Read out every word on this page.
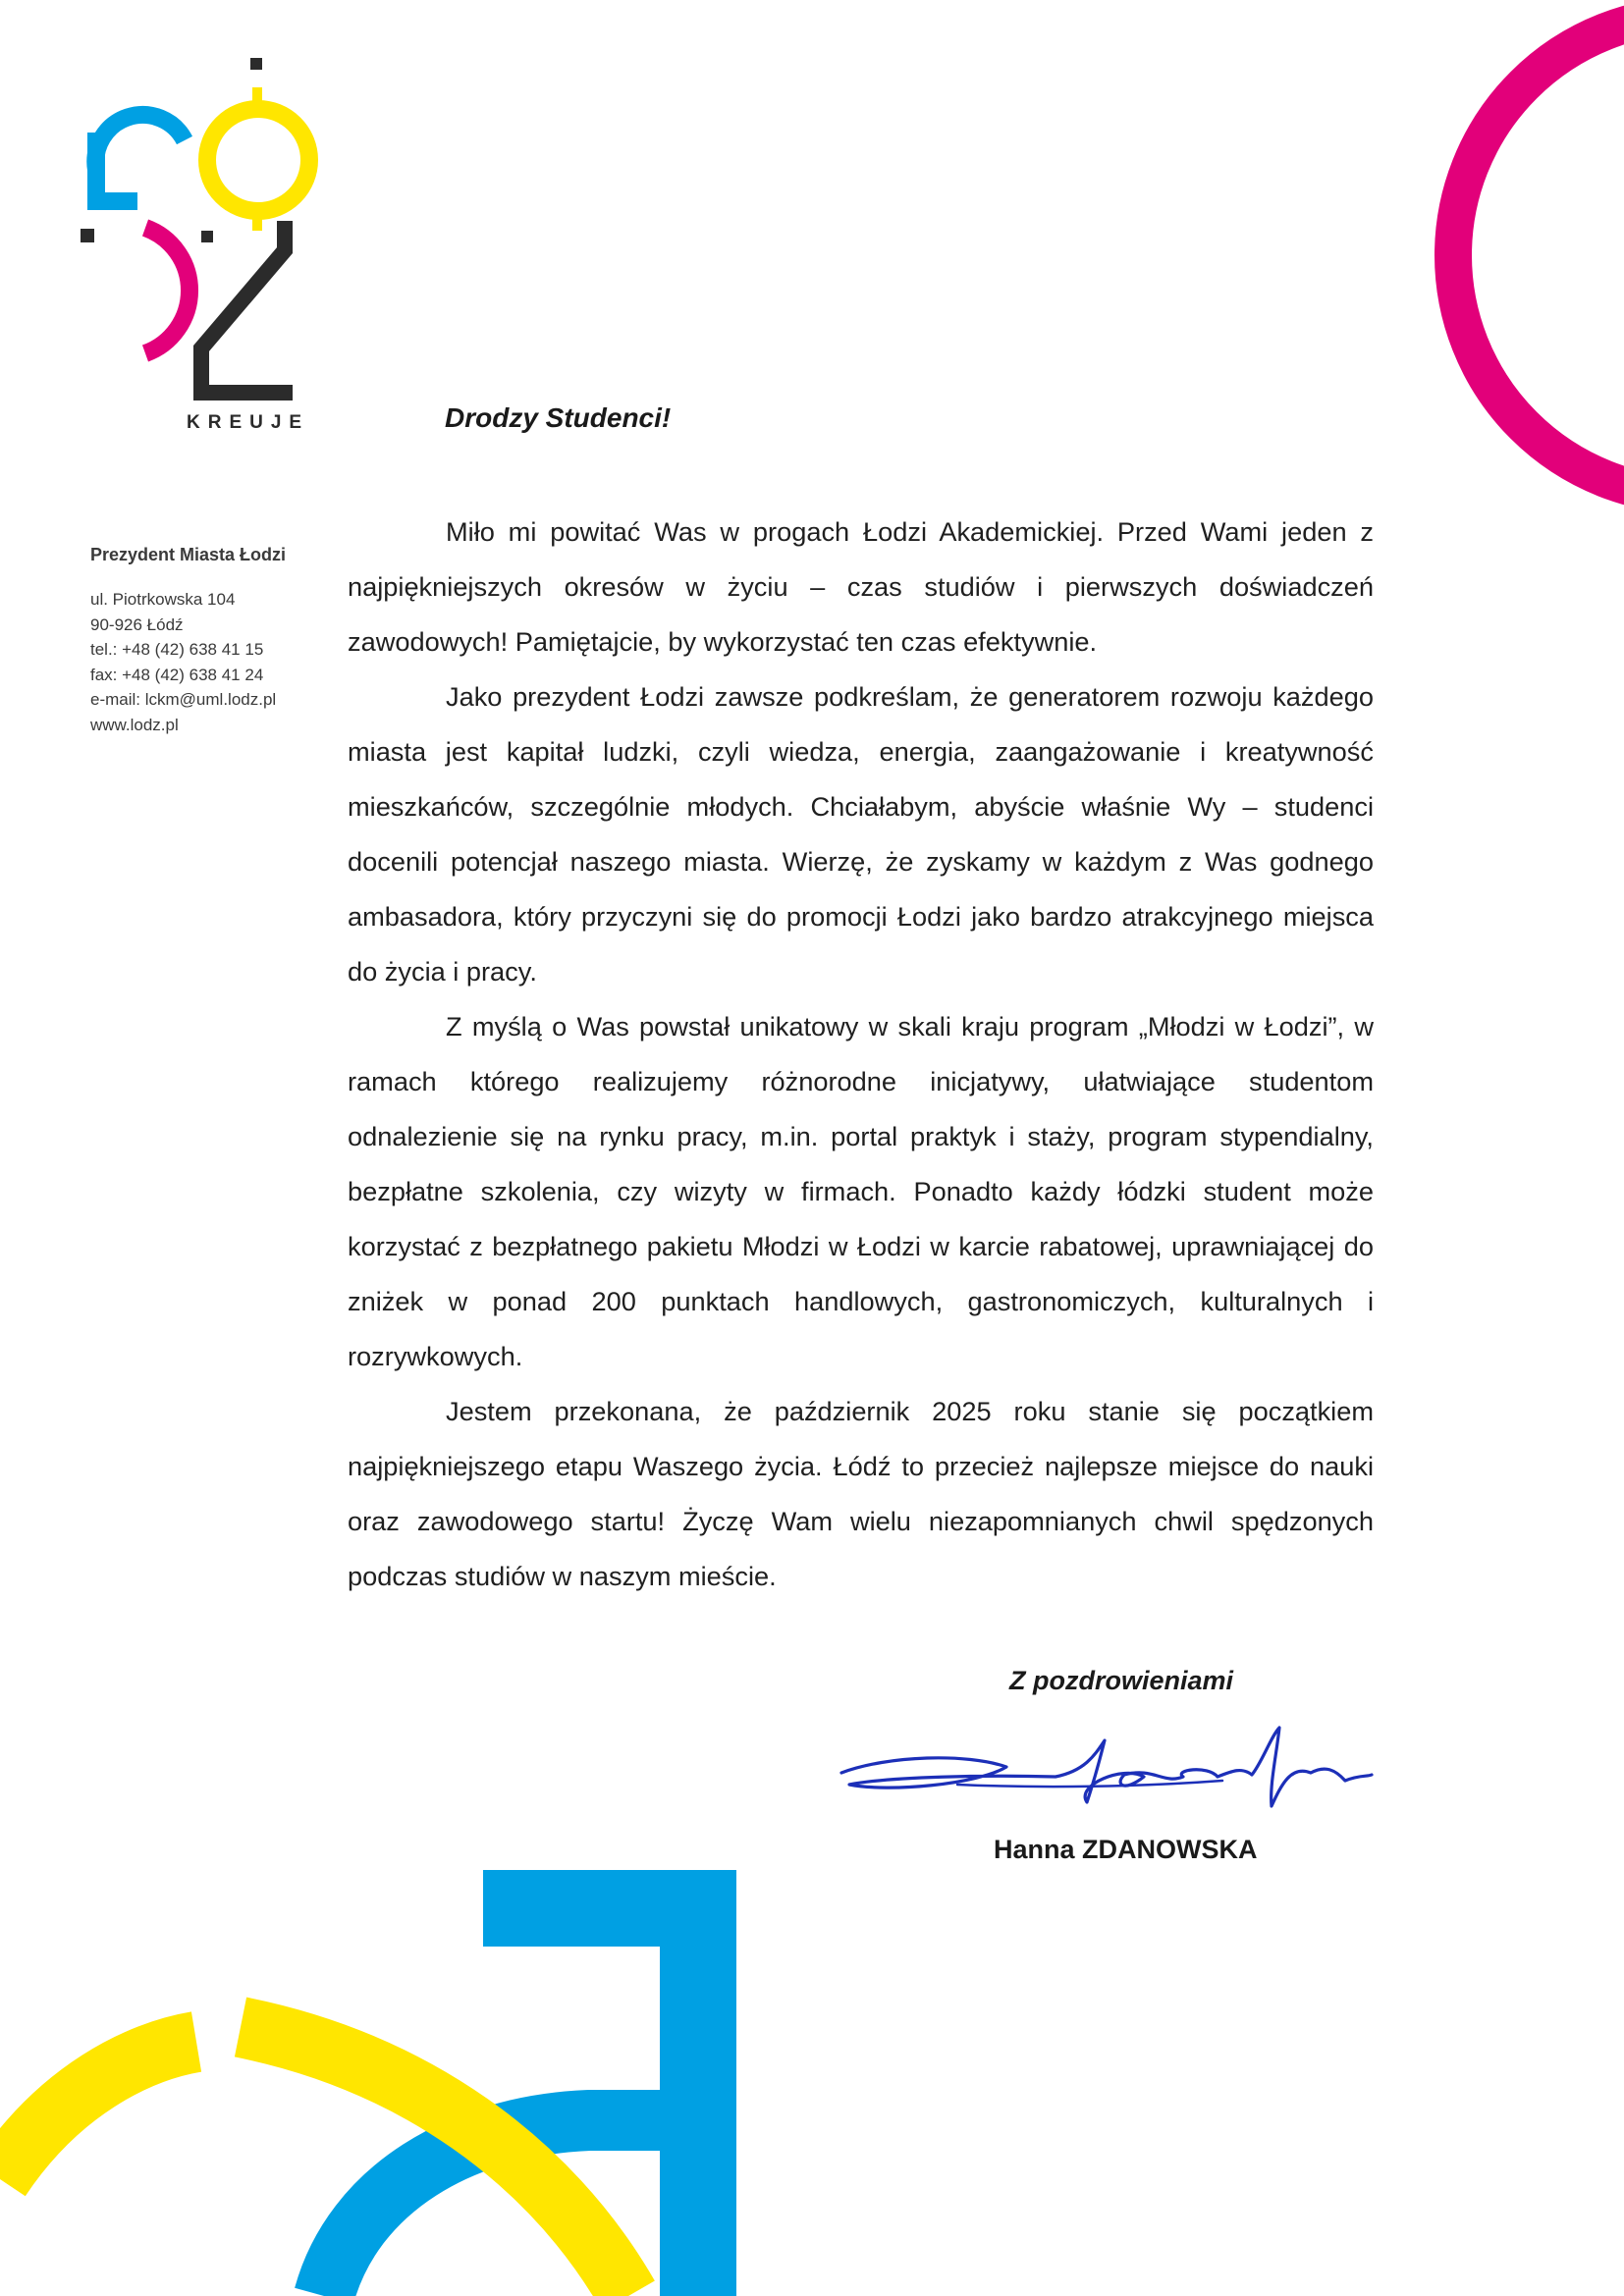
KREUJE
Prezydent Miasta Łodzi
ul. Piotrkowska 104
90-926 Łódź
tel.: +48 (42) 638 41 15
fax: +48 (42) 638 41 24
e-mail: lckm@uml.lodz.pl
www.lodz.pl
Drodzy Studenci!

Miło mi powitać Was w progach Łodzi Akademickiej. Przed Wami jeden z najpiękniejszych okresów w życiu – czas studiów i pierwszych doświadczeń zawodowych! Pamiętajcie, by wykorzystać ten czas efektywnie.

Jako prezydent Łodzi zawsze podkreślam, że generatorem rozwoju każdego miasta jest kapitał ludzki, czyli wiedza, energia, zaangażowanie i kreatywność mieszkańców, szczególnie młodych. Chciałabym, abyście właśnie Wy – studenci docenili potencjał naszego miasta. Wierzę, że zyskamy w każdym z Was godnego ambasadora, który przyczyni się do promocji Łodzi jako bardzo atrakcyjnego miejsca do życia i pracy.

Z myślą o Was powstał unikatowy w skali kraju program „Młodzi w Łodzi”, w ramach którego realizujemy różnorodne inicjatywy, ułatwiające studentom odnalezienie się na rynku pracy, m.in. portal praktyk i staży, program stypendialny, bezpłatne szkolenia, czy wizyty w firmach. Ponadto każdy łódzki student może korzystać z bezpłatnego pakietu Młodzi w Łodzi w karcie rabatowej, uprawniającej do zniżek w ponad 200 punktach handlowych, gastronomiczych, kulturalnych i rozrywkowych.

Jestem przekonana, że październik 2025 roku stanie się początkiem najpiękniejszego etapu Waszego życia. Łódź to przecież najlepsze miejsce do nauki oraz zawodowego startu! Życzę Wam wielu niezapomnianych chwil spędzonych podczas studiów w naszym mieście.

Z pozdrowieniami
Hanna ZDANOWSKA
